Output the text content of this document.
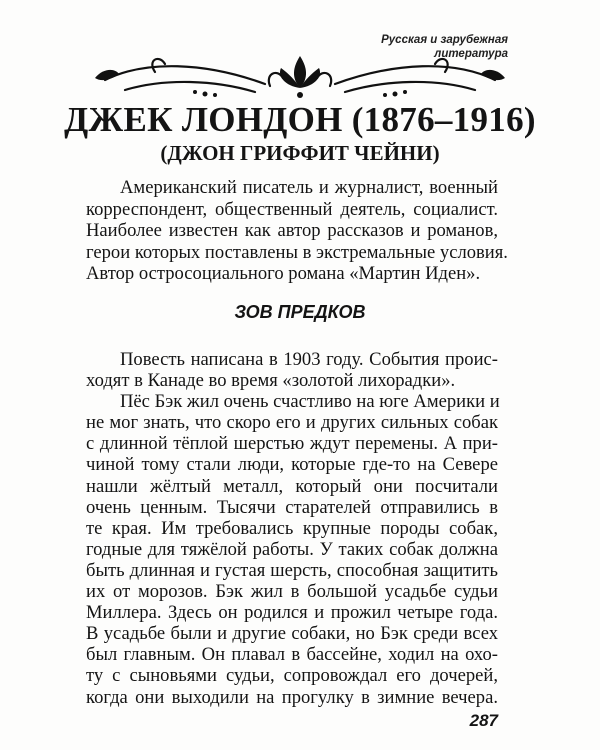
Русская и зарубежная литература
ДЖЕК ЛОНДОН (1876–1916)
(ДЖОН ГРИФФИТ ЧЕЙНИ)
Американский писатель и журналист, военный
корреспондент, общественный деятель, социалист.
Наиболее известен как автор рассказов и романов,
герои которых поставлены в экстремальные условия.
Автор остросоциального романа «Мартин Иден».
ЗОВ ПРЕДКОВ
Повесть написана в 1903 году. События проис-
ходят в Канаде во время «золотой лихорадки».
Пёс Бэк жил очень счастливо на юге Америки и
не мог знать, что скоро его и других сильных собак
с длинной тёплой шерстью ждут перемены. А при-
чиной тому стали люди, которые где-то на Севере
нашли жёлтый металл, который они посчитали
очень ценным. Тысячи старателей отправились в
те края. Им требовались крупные породы собак,
годные для тяжёлой работы. У таких собак должна
быть длинная и густая шерсть, способная защитить
их от морозов. Бэк жил в большой усадьбе судьи
Миллера. Здесь он родился и прожил четыре года.
В усадьбе были и другие собаки, но Бэк среди всех
был главным. Он плавал в бассейне, ходил на охо-
ту с сыновьями судьи, сопровождал его дочерей,
когда они выходили на прогулку в зимние вечера.
287
